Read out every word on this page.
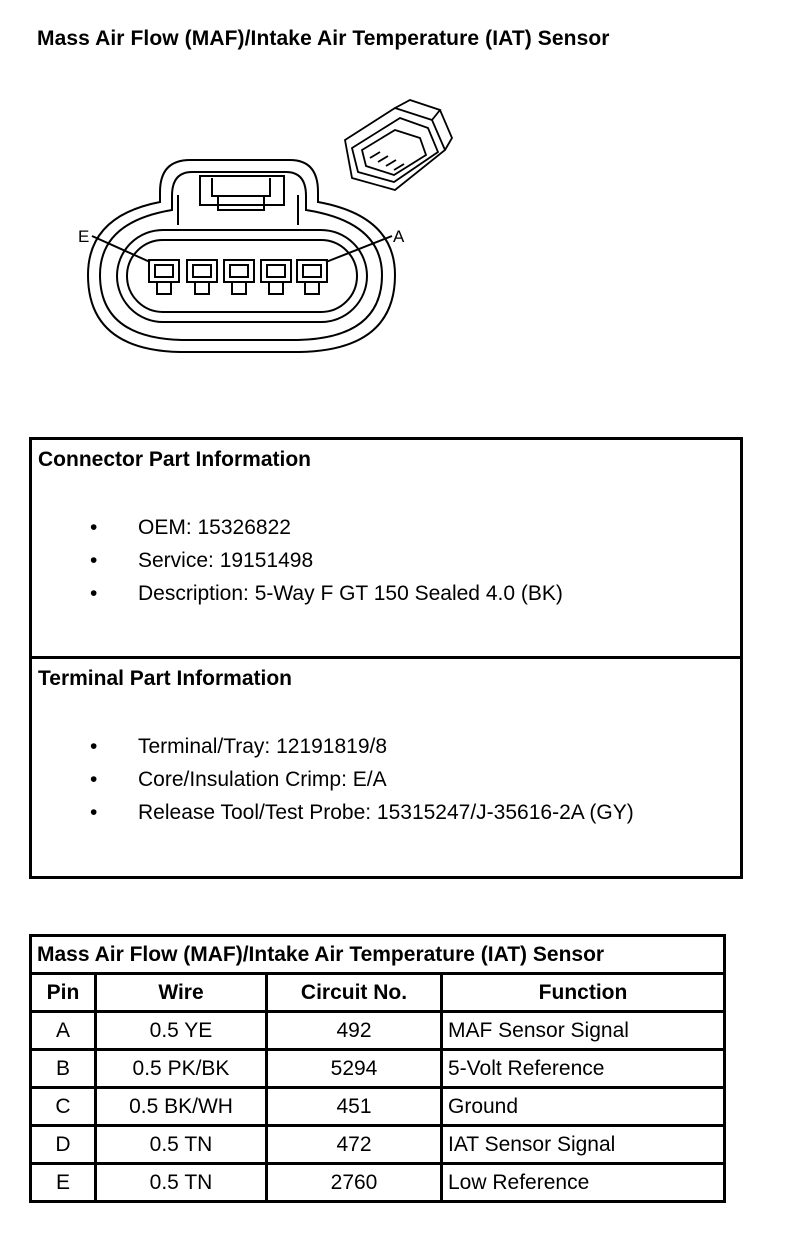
Mass Air Flow (MAF)/Intake Air Temperature (IAT) Sensor
E	A
Connector Part Information
• OEM: 15326822
• Service: 19151498
• Description: 5-Way F GT 150 Sealed 4.0 (BK)
Terminal Part Information
• Terminal/Tray: 12191819/8
• Core/Insulation Crimp: E/A
• Release Tool/Test Probe: 15315247/J-35616-2A (GY)
Mass Air Flow (MAF)/Intake Air Temperature (IAT) Sensor			
Pin	Wire	Circuit No.	Function
A	0.5 YE	492	MAF Sensor Signal
B	0.5 PK/BK	5294	5-Volt Reference
C	0.5 BK/WH	451	Ground
D	0.5 TN	472	IAT Sensor Signal
E	0.5 TN	2760	Low Reference
